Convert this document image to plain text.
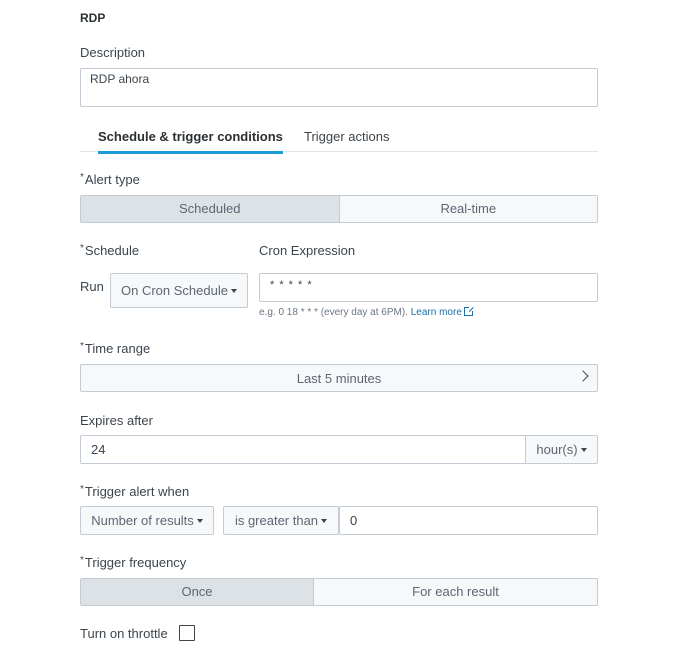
RDP
Description
RDP ahora
Schedule & trigger conditions Trigger actions
*Alert type
Scheduled	Real-time
*Schedule	Cron Expression
Run On Cron Schedule	* * * * *
e.g. 0 18 * * * (every day at 6PM). Learn more
*Time range
Last 5 minutes
Expires after
24	hour(s)
*Trigger alert when
Number of results	is greater than	0
*Trigger frequency
Once	For each result
Turn on throttle
